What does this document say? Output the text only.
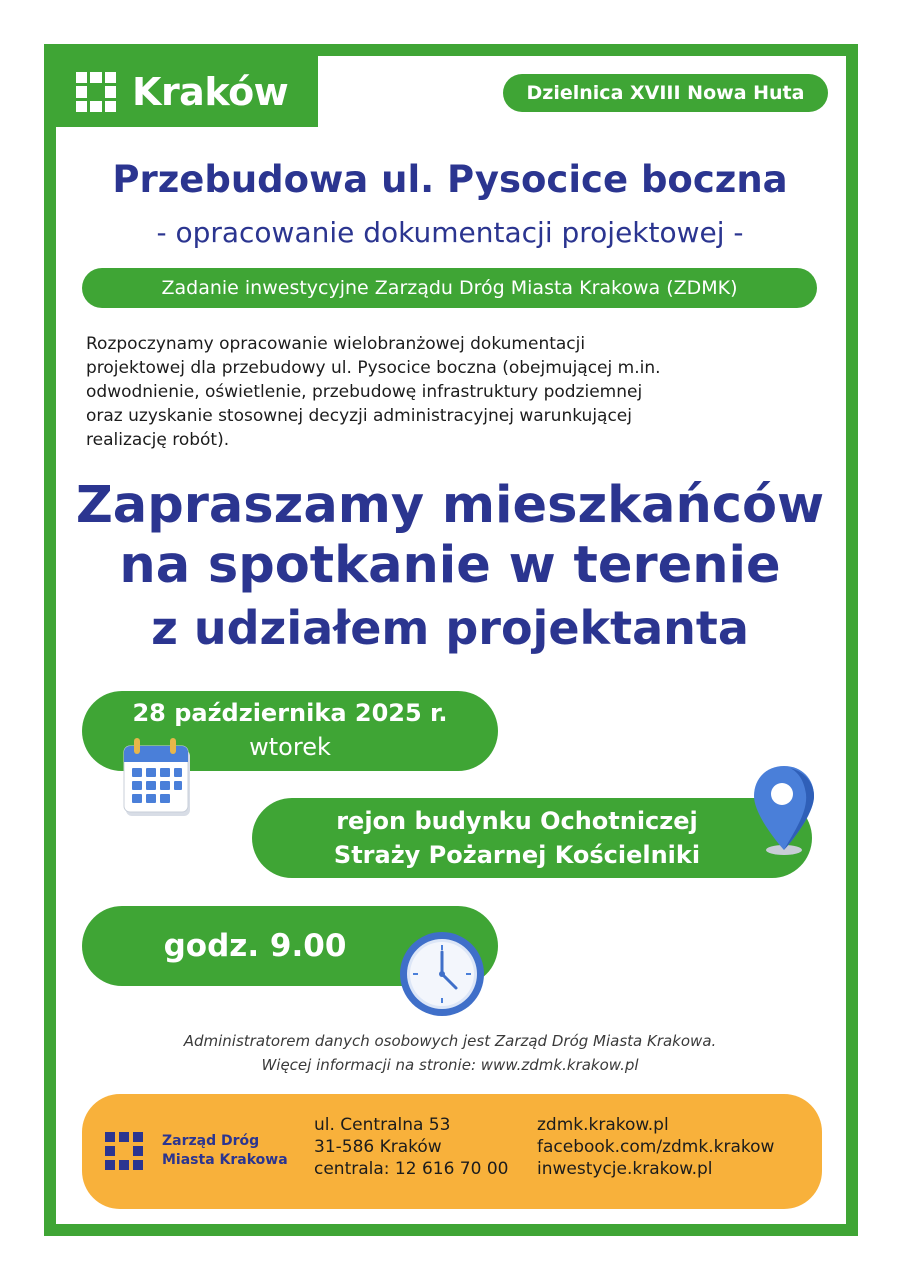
Kraków	Dzielnica XVIII Nowa Huta
Przebudowa ul. Pysocice boczna
- opracowanie dokumentacji projektowej -
Zadanie inwestycyjne Zarządu Dróg Miasta Krakowa (ZDMK)
Rozpoczynamy opracowanie wielobranżowej dokumentacji
projektowej dla przebudowy ul. Pysocice boczna (obejmującej m.in.
odwodnienie, oświetlenie, przebudowę infrastruktury podziemnej
oraz uzyskanie stosownej decyzji administracyjnej warunkującej
realizację robót).
Zapraszamy mieszkańców
na spotkanie w terenie
z udziałem projektanta
28 października 2025 r.
wtorek
rejon budynku Ochotniczej
Straży Pożarnej Kościelniki
godz. 9.00
Administratorem danych osobowych jest Zarząd Dróg Miasta Krakowa.
Więcej informacji na stronie: www.zdmk.krakow.pl
Zarząd Dróg
Miasta Krakowa
ul. Centralna 53
31-586 Kraków
centrala: 12 616 70 00
zdmk.krakow.pl
facebook.com/zdmk.krakow
inwestycje.krakow.pl
